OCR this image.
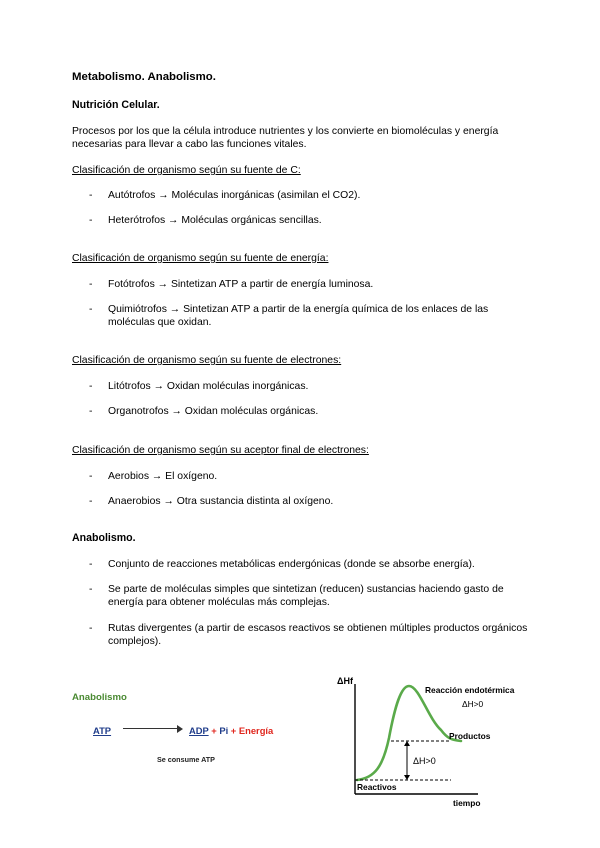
Metabolismo. Anabolismo.

Nutrición Celular.

Procesos por los que la célula introduce nutrientes y los convierte en biomoléculas y energía necesarias para llevar a cabo las funciones vitales.

Clasificación de organismo según su fuente de C:

- Autótrofos → Moléculas inorgánicas (asimilan el CO2).
- Heterótrofos → Moléculas orgánicas sencillas.

Clasificación de organismo según su fuente de energía:

- Fotótrofos → Sintetizan ATP a partir de energía luminosa.
- Quimiótrofos → Sintetizan ATP a partir de la energía química de los enlaces de las moléculas que oxidan.

Clasificación de organismo según su fuente de electrones:

- Litótrofos → Oxidan moléculas inorgánicas.
- Organotrofos → Oxidan moléculas orgánicas.

Clasificación de organismo según su aceptor final de electrones:

- Aerobios → El oxígeno.
- Anaerobios → Otra sustancia distinta al oxígeno.

Anabolismo.

- Conjunto de reacciones metabólicas endergónicas (donde se absorbe energía).
- Se parte de moléculas simples que sintetizan (reducen) sustancias haciendo gasto de energía para obtener moléculas más complejas.
- Rutas divergentes (a partir de escasos reactivos se obtienen múltiples productos orgánicos complejos).
Anabolismo
ATP	ADP + Pi + Energía
Se consume ATP
ΔHf
Reacción endotérmica
ΔH>0
Productos
ΔH>0
Reactivos
tiempo
